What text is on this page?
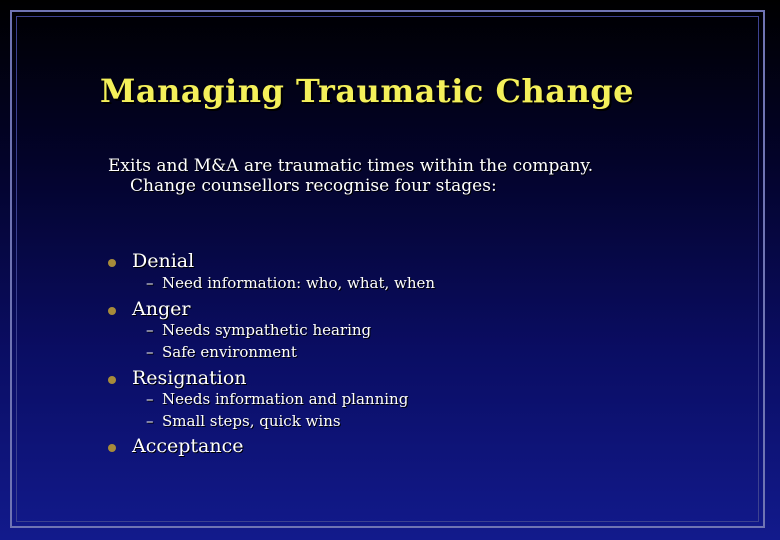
Managing Traumatic Change

Exits and M&A are traumatic times within the company. Change counsellors recognise four stages:

Denial
– Need information: who, what, when
Anger
– Needs sympathetic hearing
– Safe environment
Resignation
– Needs information and planning
– Small steps, quick wins
Acceptance
